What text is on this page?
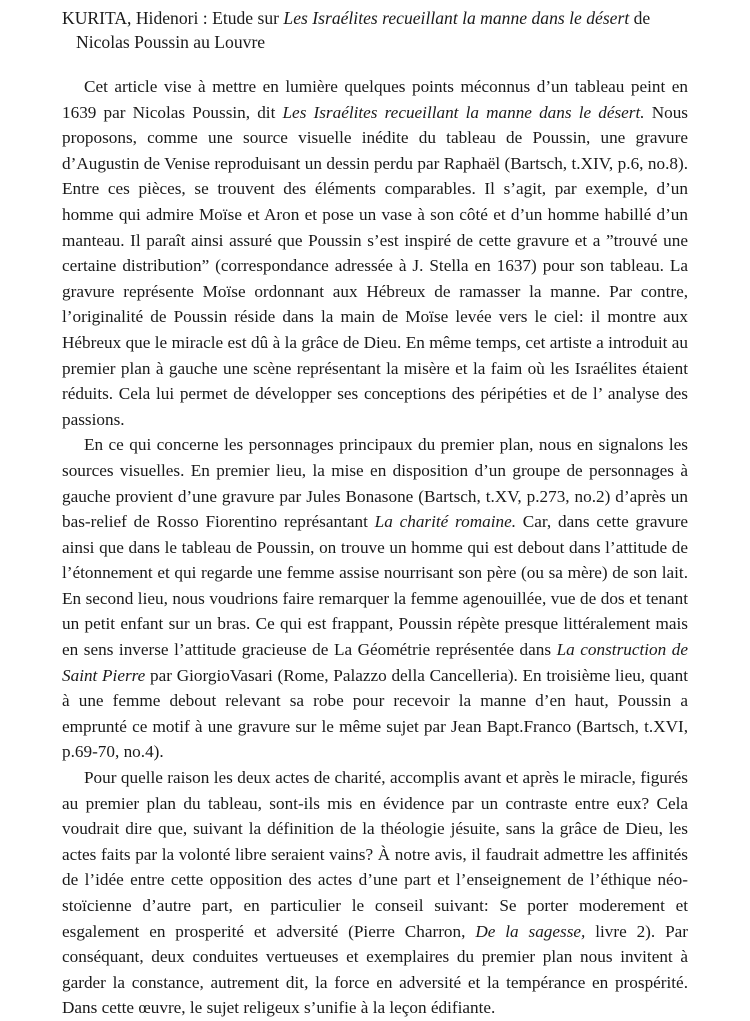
KURITA, Hidenori : Etude sur Les Israélites recueillant la manne dans le désert de Nicolas Poussin au Louvre

Cet article vise à mettre en lumière quelques points méconnus d’un tableau peint en 1639 par Nicolas Poussin, dit Les Israélites recueillant la manne dans le désert. Nous proposons, comme une source visuelle inédite du tableau de Poussin, une gravure d’Augustin de Venise reproduisant un dessin perdu par Raphaël (Bartsch, t.XIV, p.6, no.8). Entre ces pièces, se trouvent des éléments comparables. Il s’agit, par exemple, d’un homme qui admire Moïse et Aron et pose un vase à son côté et d’un homme habillé d’un manteau. Il paraît ainsi assuré que Poussin s’est inspiré de cette gravure et a ”trouvé une certaine distribution” (correspondance adressée à J. Stella en 1637) pour son tableau. La gravure représente Moïse ordonnant aux Hébreux de ramasser la manne. Par contre, l’originalité de Poussin réside dans la main de Moïse levée vers le ciel: il montre aux Hébreux que le miracle est dû à la grâce de Dieu. En même temps, cet artiste a introduit au premier plan à gauche une scène représentant la misère et la faim où les Israélites étaient réduits. Cela lui permet de développer ses conceptions des péripéties et de l’ analyse des passions.

En ce qui concerne les personnages principaux du premier plan, nous en signalons les sources visuelles. En premier lieu, la mise en disposition d’un groupe de personnages à gauche provient d’une gravure par Jules Bonasone (Bartsch, t.XV, p.273, no.2) d’après un bas-relief de Rosso Fiorentino représantant La charité romaine. Car, dans cette gravure ainsi que dans le tableau de Poussin, on trouve un homme qui est debout dans l’attitude de l’étonnement et qui regarde une femme assise nourrisant son père (ou sa mère) de son lait. En second lieu, nous voudrions faire remarquer la femme agenouillée, vue de dos et tenant un petit enfant sur un bras. Ce qui est frappant, Poussin répète presque littéralement mais en sens inverse l’attitude gracieuse de La Géométrie représentée dans La construction de Saint Pierre par GiorgioVasari (Rome, Palazzo della Cancelleria). En troisième lieu, quant à une femme debout relevant sa robe pour recevoir la manne d’en haut, Poussin a emprunté ce motif à une gravure sur le même sujet par Jean Bapt.Franco (Bartsch, t.XVI, p.69-70, no.4).

Pour quelle raison les deux actes de charité, accomplis avant et après le miracle, figurés au premier plan du tableau, sont-ils mis en évidence par un contraste entre eux? Cela voudrait dire que, suivant la définition de la théologie jésuite, sans la grâce de Dieu, les actes faits par la volonté libre seraient vains? À notre avis, il faudrait admettre les affinités de l’idée entre cette opposition des actes d’une part et l’enseignement de l’éthique néo-stoïcienne d’autre part, en particulier le conseil suivant: Se porter moderement et esgalement en prosperité et adversité (Pierre Charron, De la sagesse, livre 2). Par conséquant, deux conduites vertueuses et exemplaires du premier plan nous invitent à garder la constance, autrement dit, la force en adversité et la tempérance en prospérité. Dans cette œuvre, le sujet religeux s’unifie à la leçon édifiante.
